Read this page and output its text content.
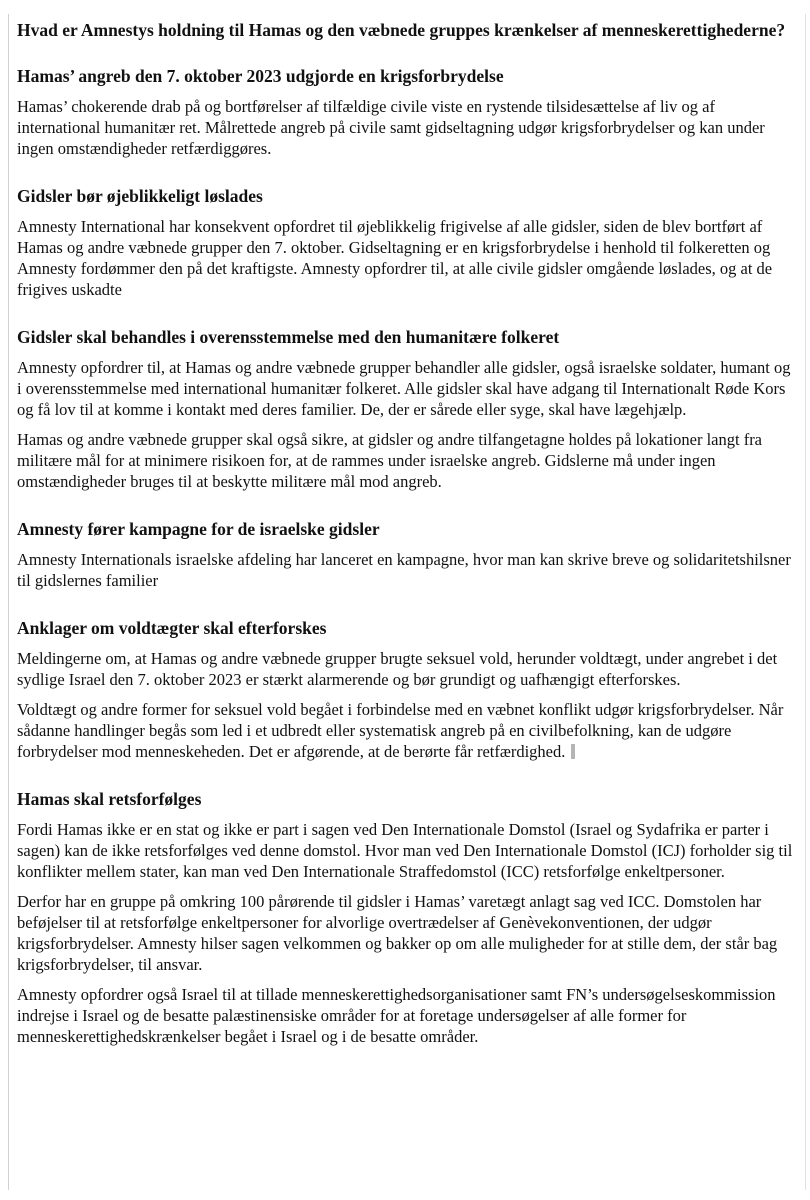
Hvad er Amnestys holdning til Hamas og den væbnede gruppes krænkelser af menneskerettighederne?
Hamas’ angreb den 7. oktober 2023 udgjorde en krigsforbrydelse

Hamas’ chokerende drab på og bortførelser af tilfældige civile viste en rystende tilsidesættelse af liv og af international humanitær ret. Målrettede angreb på civile samt gidseltagning udgør krigsforbrydelser og kan under ingen omstændigheder retfærdiggøres.

Gidsler bør øjeblikkeligt løslades

Amnesty International har konsekvent opfordret til øjeblikkelig frigivelse af alle gidsler, siden de blev bortført af Hamas og andre væbnede grupper den 7. oktober. Gidseltagning er en krigsforbrydelse i henhold til folkeretten og Amnesty fordømmer den på det kraftigste. Amnesty opfordrer til, at alle civile gidsler omgående løslades, og at de frigives uskadte

Gidsler skal behandles i overensstemmelse med den humanitære folkeret

Amnesty opfordrer til, at Hamas og andre væbnede grupper behandler alle gidsler, også israelske soldater, humant og i overensstemmelse med international humanitær folkeret. Alle gidsler skal have adgang til Internationalt Røde Kors og få lov til at komme i kontakt med deres familier. De, der er sårede eller syge, skal have lægehjælp.

Hamas og andre væbnede grupper skal også sikre, at gidsler og andre tilfangetagne holdes på lokationer langt fra militære mål for at minimere risikoen for, at de rammes under israelske angreb. Gidslerne må under ingen omstændigheder bruges til at beskytte militære mål mod angreb.

Amnesty fører kampagne for de israelske gidsler

Amnesty Internationals israelske afdeling har lanceret en kampagne, hvor man kan skrive breve og solidaritetshilsner til gidslernes familier

Anklager om voldtægter skal efterforskes

Meldingerne om, at Hamas og andre væbnede grupper brugte seksuel vold, herunder voldtægt, under angrebet i det sydlige Israel den 7. oktober 2023 er stærkt alarmerende og bør grundigt og uafhængigt efterforskes.

Voldtægt og andre former for seksuel vold begået i forbindelse med en væbnet konflikt udgør krigsforbrydelser. Når sådanne handlinger begås som led i et udbredt eller systematisk angreb på en civilbefolkning, kan de udgøre forbrydelser mod menneskeheden. Det er afgørende, at de berørte får retfærdighed.

Hamas skal retsforfølges

Fordi Hamas ikke er en stat og ikke er part i sagen ved Den Internationale Domstol (Israel og Sydafrika er parter i sagen) kan de ikke retsforfølges ved denne domstol. Hvor man ved Den Internationale Domstol (ICJ) forholder sig til konflikter mellem stater, kan man ved Den Internationale Straffedomstol (ICC) retsforfølge enkeltpersoner.

Derfor har en gruppe på omkring 100 pårørende til gidsler i Hamas’ varetægt anlagt sag ved ICC. Domstolen har beføjelser til at retsforfølge enkeltpersoner for alvorlige overtrædelser af Genèvekonventionen, der udgør krigsforbrydelser. Amnesty hilser sagen velkommen og bakker op om alle muligheder for at stille dem, der står bag krigsforbrydelser, til ansvar.

Amnesty opfordrer også Israel til at tillade menneskerettighedsorganisationer samt FN’s undersøgelseskommission indrejse i Israel og de besatte palæstinensiske områder for at foretage undersøgelser af alle former for menneskerettighedskrænkelser begået i Israel og i de besatte områder.
